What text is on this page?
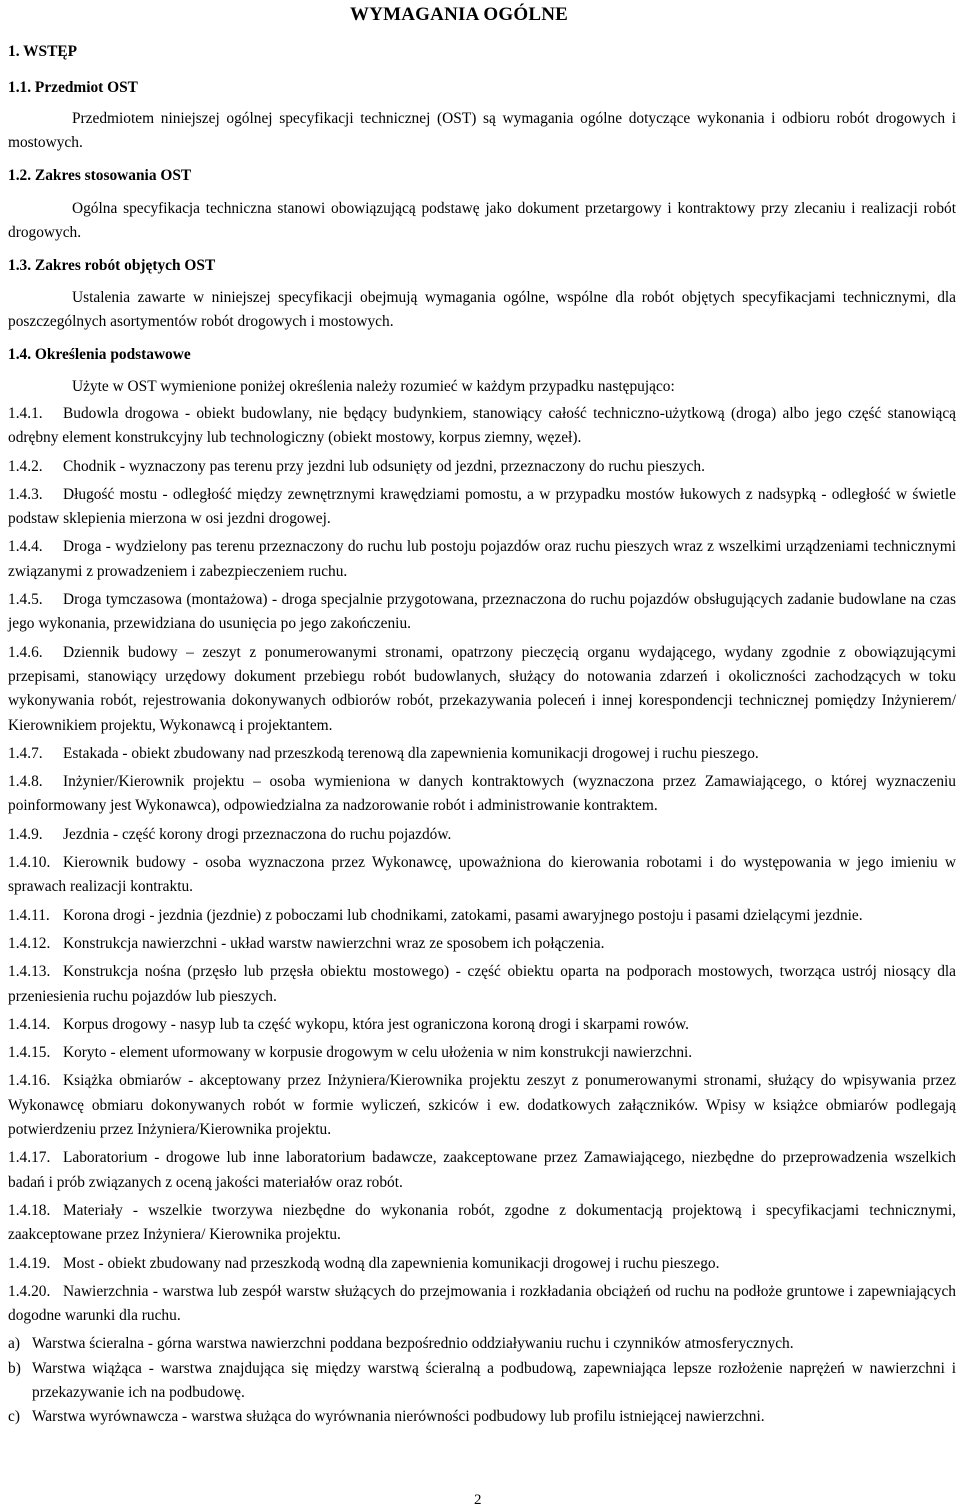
WYMAGANIA OGÓLNE
1. WSTĘP
1.1. Przedmiot OST
Przedmiotem niniejszej ogólnej specyfikacji technicznej (OST) są wymagania ogólne dotyczące wykonania i odbioru robót drogowych i mostowych.
1.2. Zakres stosowania OST
Ogólna specyfikacja techniczna stanowi obowiązującą podstawę jako dokument przetargowy i kontraktowy przy zlecaniu i realizacji robót drogowych.
1.3. Zakres robót objętych OST
Ustalenia zawarte w niniejszej specyfikacji obejmują wymagania ogólne, wspólne dla robót objętych specyfikacjami technicznymi, dla poszczególnych asortymentów robót drogowych i mostowych.
1.4. Określenia podstawowe
Użyte w OST wymienione poniżej określenia należy rozumieć w każdym przypadku następująco:
1.4.1. Budowla drogowa - obiekt budowlany, nie będący budynkiem, stanowiący całość techniczno-użytkową (droga) albo jego część stanowiącą odrębny element konstrukcyjny lub technologiczny (obiekt mostowy, korpus ziemny, węzeł).
1.4.2. Chodnik - wyznaczony pas terenu przy jezdni lub odsunięty od jezdni, przeznaczony do ruchu pieszych.
1.4.3. Długość mostu - odległość między zewnętrznymi krawędziami pomostu, a w przypadku mostów łukowych z nadsypką - odległość w świetle podstaw sklepienia mierzona w osi jezdni drogowej.
1.4.4. Droga - wydzielony pas terenu przeznaczony do ruchu lub postoju pojazdów oraz ruchu pieszych wraz z wszelkimi urządzeniami technicznymi związanymi z prowadzeniem i zabezpieczeniem ruchu.
1.4.5. Droga tymczasowa (montażowa) - droga specjalnie przygotowana, przeznaczona do ruchu pojazdów obsługujących zadanie budowlane na czas jego wykonania, przewidziana do usunięcia po jego zakończeniu.
1.4.6. Dziennik budowy – zeszyt z ponumerowanymi stronami, opatrzony pieczęcią organu wydającego, wydany zgodnie z obowiązującymi przepisami, stanowiący urzędowy dokument przebiegu robót budowlanych, służący do notowania zdarzeń i okoliczności zachodzących w toku wykonywania robót, rejestrowania dokonywanych odbiorów robót, przekazywania poleceń i innej korespondencji technicznej pomiędzy Inżynierem/ Kierownikiem projektu, Wykonawcą i projektantem.
1.4.7. Estakada - obiekt zbudowany nad przeszkodą terenową dla zapewnienia komunikacji drogowej i ruchu pieszego.
1.4.8. Inżynier/Kierownik projektu – osoba wymieniona w danych kontraktowych (wyznaczona przez Zamawiającego, o której wyznaczeniu poinformowany jest Wykonawca), odpowiedzialna za nadzorowanie robót i administrowanie kontraktem.
1.4.9. Jezdnia - część korony drogi przeznaczona do ruchu pojazdów.
1.4.10. Kierownik budowy - osoba wyznaczona przez Wykonawcę, upoważniona do kierowania robotami i do występowania w jego imieniu w sprawach realizacji kontraktu.
1.4.11. Korona drogi - jezdnia (jezdnie) z poboczami lub chodnikami, zatokami, pasami awaryjnego postoju i pasami dzielącymi jezdnie.
1.4.12. Konstrukcja nawierzchni - układ warstw nawierzchni wraz ze sposobem ich połączenia.
1.4.13. Konstrukcja nośna (przęsło lub przęsła obiektu mostowego) - część obiektu oparta na podporach mostowych, tworząca ustrój niosący dla przeniesienia ruchu pojazdów lub pieszych.
1.4.14. Korpus drogowy - nasyp lub ta część wykopu, która jest ograniczona koroną drogi i skarpami rowów.
1.4.15. Koryto - element uformowany w korpusie drogowym w celu ułożenia w nim konstrukcji nawierzchni.
1.4.16. Książka obmiarów - akceptowany przez Inżyniera/Kierownika projektu zeszyt z ponumerowanymi stronami, służący do wpisywania przez Wykonawcę obmiaru dokonywanych robót w formie wyliczeń, szkiców i ew. dodatkowych załączników. Wpisy w książce obmiarów podlegają potwierdzeniu przez Inżyniera/Kierownika projektu.
1.4.17. Laboratorium - drogowe lub inne laboratorium badawcze, zaakceptowane przez Zamawiającego, niezbędne do przeprowadzenia wszelkich badań i prób związanych z oceną jakości materiałów oraz robót.
1.4.18. Materiały - wszelkie tworzywa niezbędne do wykonania robót, zgodne z dokumentacją projektową i specyfikacjami technicznymi, zaakceptowane przez Inżyniera/ Kierownika projektu.
1.4.19. Most - obiekt zbudowany nad przeszkodą wodną dla zapewnienia komunikacji drogowej i ruchu pieszego.
1.4.20. Nawierzchnia - warstwa lub zespół warstw służących do przejmowania i rozkładania obciążeń od ruchu na podłoże gruntowe i zapewniających dogodne warunki dla ruchu.
a) Warstwa ścieralna - górna warstwa nawierzchni poddana bezpośrednio oddziaływaniu ruchu i czynników atmosferycznych.
b) Warstwa wiążąca - warstwa znajdująca się między warstwą ścieralną a podbudową, zapewniająca lepsze rozłożenie naprężeń w nawierzchni i przekazywanie ich na podbudowę.
c) Warstwa wyrównawcza - warstwa służąca do wyrównania nierówności podbudowy lub profilu istniejącej nawierzchni.
2
